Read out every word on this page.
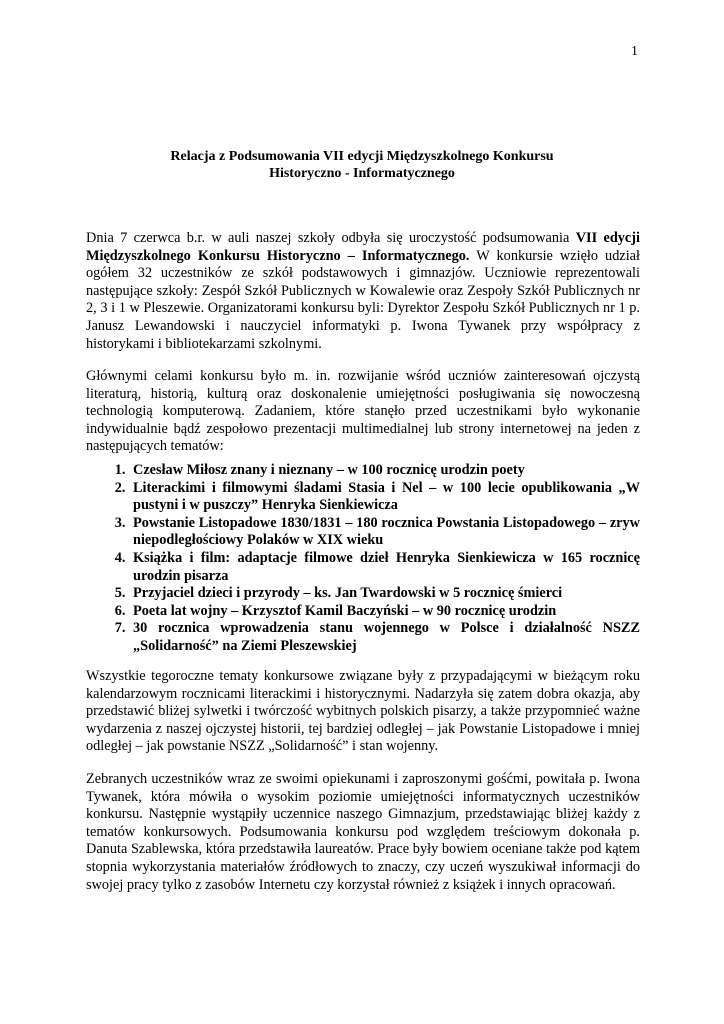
1
Relacja z Podsumowania VII edycji Międzyszkolnego Konkursu
Historyczno - Informatycznego

Dnia 7 czerwca b.r. w auli naszej szkoły odbyła się uroczystość podsumowania VII edycji Międzyszkolnego Konkursu Historyczno – Informatycznego. W konkursie wzięło udział ogółem 32 uczestników ze szkół podstawowych i gimnazjów. Uczniowie reprezentowali następujące szkoły: Zespół Szkół Publicznych w Kowalewie oraz Zespoły Szkół Publicznych nr 2, 3 i 1 w Pleszewie. Organizatorami konkursu byli: Dyrektor Zespołu Szkół Publicznych nr 1 p. Janusz Lewandowski i nauczyciel informatyki p. Iwona Tywanek przy współpracy z historykami i bibliotekarzami szkolnymi.

Głównymi celami konkursu było m. in. rozwijanie wśród uczniów zainteresowań ojczystą literaturą, historią, kulturą oraz doskonalenie umiejętności posługiwania się nowoczesną technologią komputerową. Zadaniem, które stanęło przed uczestnikami było wykonanie indywidualnie bądź zespołowo prezentacji multimedialnej lub strony internetowej na jeden z następujących tematów:

1. Czesław Miłosz znany i nieznany – w 100 rocznicę urodzin poety
2. Literackimi i filmowymi śladami Stasia i Nel – w 100 lecie opublikowania „W pustyni i w puszczy” Henryka Sienkiewicza
3. Powstanie Listopadowe 1830/1831 – 180 rocznica Powstania Listopadowego – zryw niepodległościowy Polaków w XIX wieku
4. Książka i film: adaptacje filmowe dzieł Henryka Sienkiewicza w 165 rocznicę urodzin pisarza
5. Przyjaciel dzieci i przyrody – ks. Jan Twardowski w 5 rocznicę śmierci
6. Poeta lat wojny – Krzysztof Kamil Baczyński – w 90 rocznicę urodzin
7. 30 rocznica wprowadzenia stanu wojennego w Polsce i działalność NSZZ „Solidarność” na Ziemi Pleszewskiej

Wszystkie tegoroczne tematy konkursowe związane były z przypadającymi w bieżącym roku kalendarzowym rocznicami literackimi i historycznymi. Nadarzyła się zatem dobra okazja, aby przedstawić bliżej sylwetki i twórczość wybitnych polskich pisarzy, a także przypomnieć ważne wydarzenia z naszej ojczystej historii, tej bardziej odległej – jak Powstanie Listopadowe i mniej odległej – jak powstanie NSZZ „Solidarność” i stan wojenny.

Zebranych uczestników wraz ze swoimi opiekunami i zaproszonymi gośćmi, powitała p. Iwona Tywanek, która mówiła o wysokim poziomie umiejętności informatycznych uczestników konkursu. Następnie wystąpiły uczennice naszego Gimnazjum, przedstawiając bliżej każdy z tematów konkursowych. Podsumowania konkursu pod względem treściowym dokonała p. Danuta Szablewska, która przedstawiła laureatów. Prace były bowiem oceniane także pod kątem stopnia wykorzystania materiałów źródłowych to znaczy, czy uczeń wyszukiwał informacji do swojej pracy tylko z zasobów Internetu czy korzystał również z książek i innych opracowań.
